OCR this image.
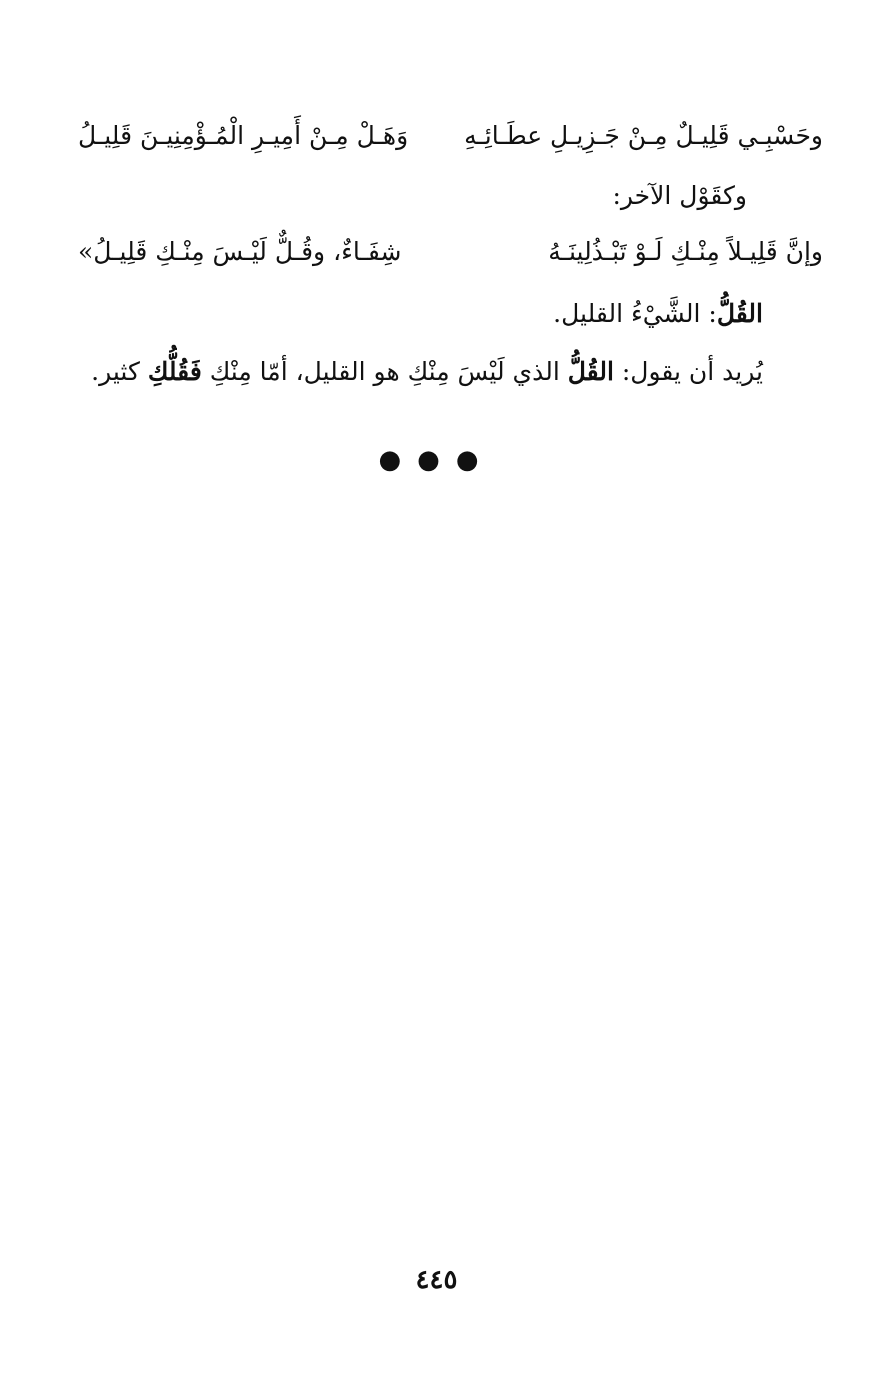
وحَسْبِـي قَلِيـلٌ مِـنْ جَـزِيـلِ عطَـائِـهِ
وَهَـلْ مِـنْ أَمِيـرِ الْمُـؤْمِنِيـنَ قَلِيـلُ
وكقَوْل الآخر:
وإنَّ قَلِيـلاً مِنْـكِ لَـوْ تَبْـذُلِينَـهُ
شِفَـاءٌ، وقُـلٌّ لَيْـسَ مِنْـكِ قَلِيـلُ»
القُلُّ: الشَّيْءُ القليل.
يُريد أن يقول: القُلُّ الذي لَيْسَ مِنْكِ هو القليل، أمّا مِنْكِ فَقُلُّكِ كثير.
●●●
٤٤٥
